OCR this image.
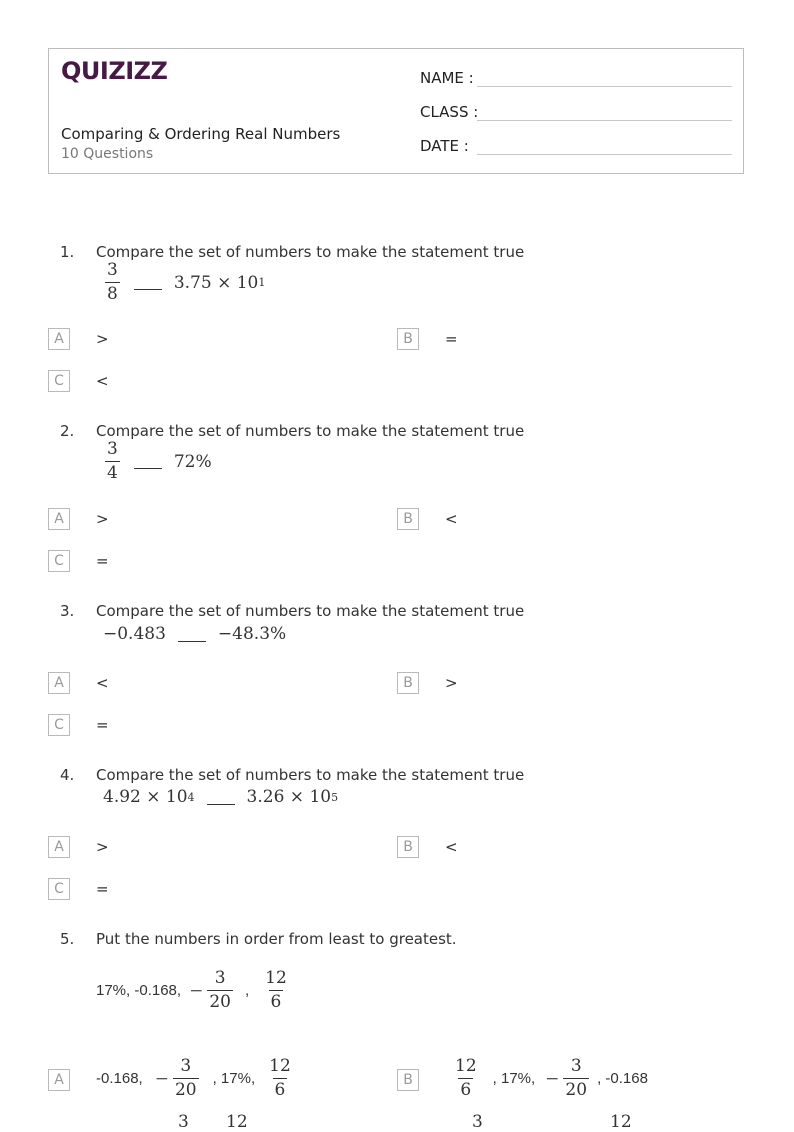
QUIZIZZ
Comparing & Ordering Real Numbers
10 Questions
NAME :
CLASS :
DATE :
1. Compare the set of numbers to make the statement true
$\frac{3}{8}$	3.75 × 10 1
A	>	B	=
C	<
2. Compare the set of numbers to make the statement true
$\frac{3}{4}$	72%
A	>	B	<
C	=
3. Compare the set of numbers to make the statement true
−0.483	−48.3%
A	<	B	>
C	=
4. Compare the set of numbers to make the statement true
4.92 × 10 4	3.26 × 10 5
A	>	B	<
C	=
5. Put the numbers in order from least to greatest.
17%, -0.168, − $\frac{3}{20}$ , $\frac{12}{6}$
A	-0.168, − $\frac{3}{20}$ , 17%, $\frac{12}{6}$	B	$\frac{12}{6}$ , 17%, − $\frac{3}{20}$ , -0.168
3 12	3	12
